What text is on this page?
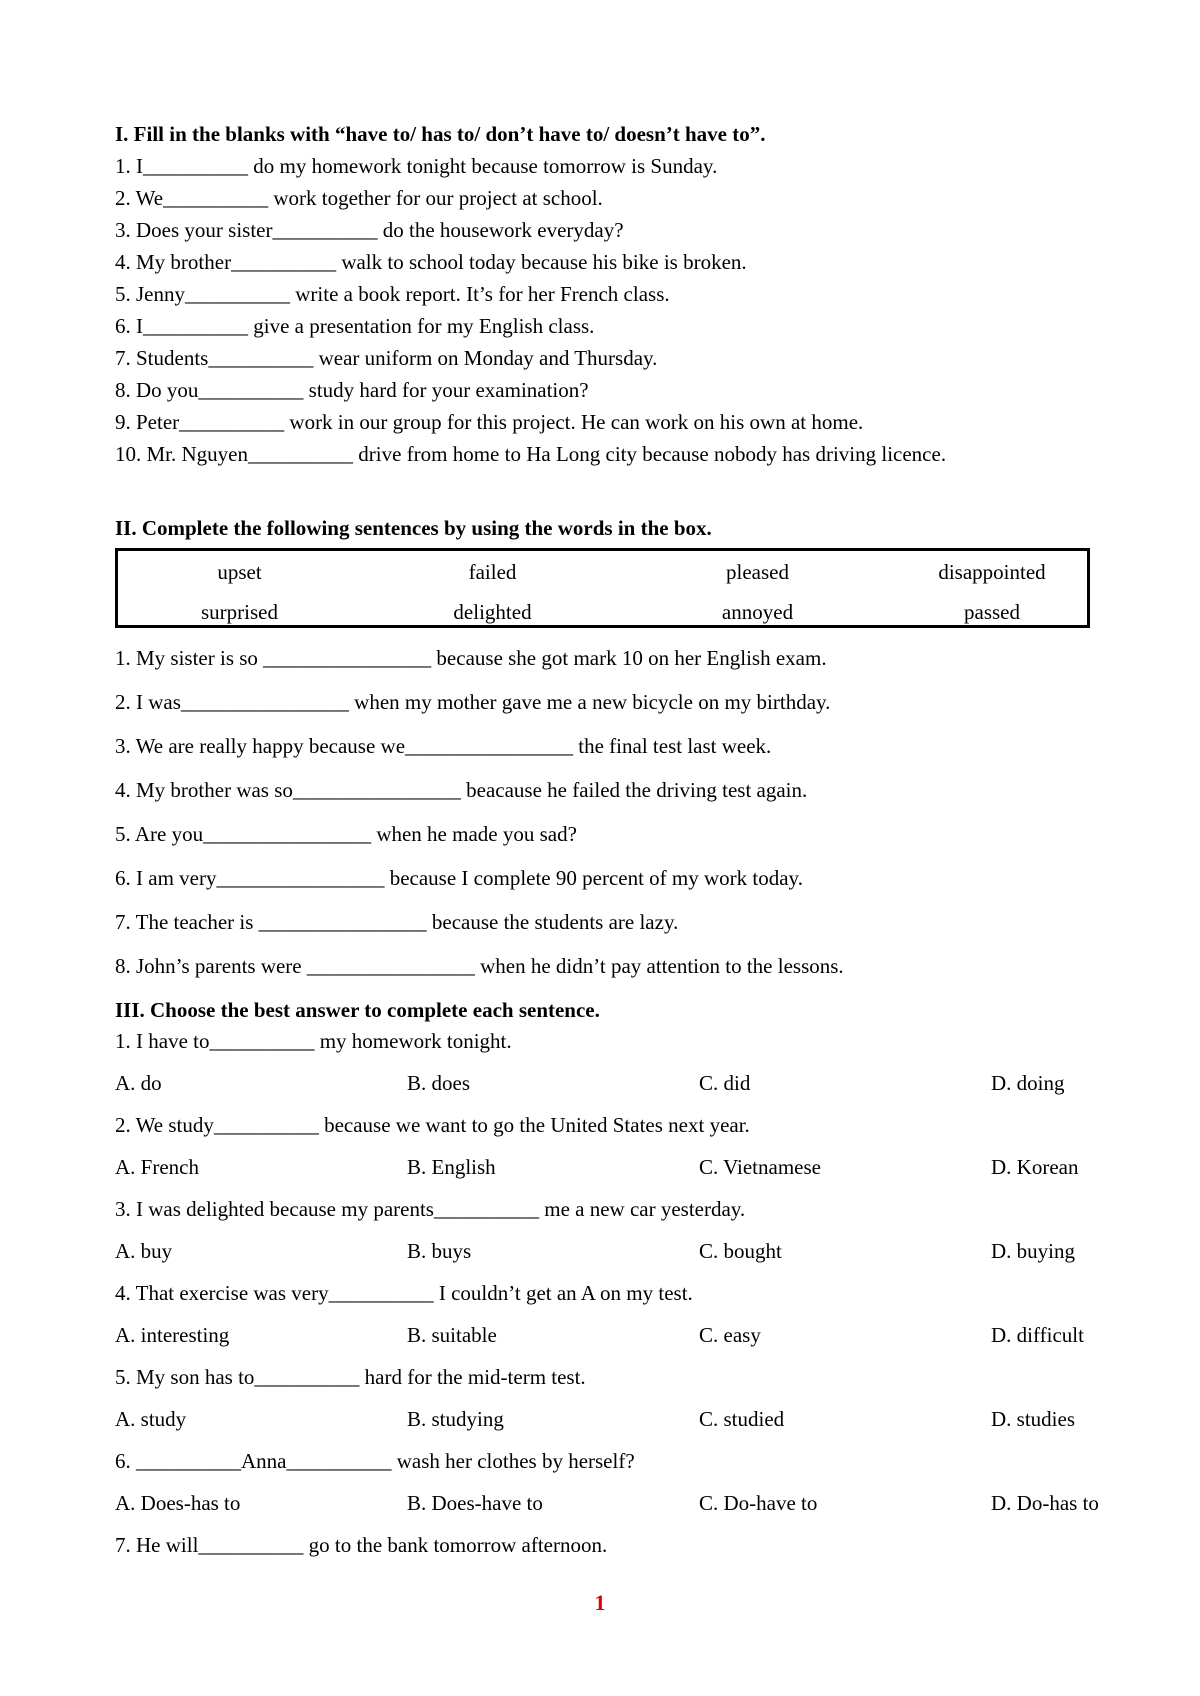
I. Fill in the blanks with “have to/ has to/ don’t have to/ doesn’t have to”.

1. I__________ do my homework tonight because tomorrow is Sunday.
2. We__________ work together for our project at school.
3. Does your sister__________ do the housework everyday?
4. My brother__________ walk to school today because his bike is broken.
5. Jenny__________ write a book report. It’s for her French class.
6. I__________ give a presentation for my English class.
7. Students__________ wear uniform on Monday and Thursday.
8. Do you__________ study hard for your examination?
9. Peter__________ work in our group for this project. He can work on his own at home.
10. Mr. Nguyen__________ drive from home to Ha Long city because nobody has driving licence.

II. Complete the following sentences by using the words in the box.

upset	failed	pleased	disappointed
surprised	delighted	annoyed	passed
1. My sister is so ________________ because she got mark 10 on her English exam.
2. I was________________ when my mother gave me a new bicycle on my birthday.
3. We are really happy because we________________ the final test last week.
4. My brother was so________________ beacause he failed the driving test again.
5. Are you________________ when he made you sad?
6. I am very________________ because I complete 90 percent of my work today.
7. The teacher is ________________ because the students are lazy.
8. John’s parents were ________________ when he didn’t pay attention to the lessons.

III. Choose the best answer to complete each sentence.

1. I have to__________ my homework tonight.
A. do	B. does	C. did	D. doing
2. We study__________ because we want to go the United States next year.
A. French	B. English	C. Vietnamese	D. Korean
3. I was delighted because my parents__________ me a new car yesterday.
A. buy	B. buys	C. bought	D. buying
4. That exercise was very__________ I couldn’t get an A on my test.
A. interesting	B. suitable	C. easy	D. difficult
5. My son has to__________ hard for the mid-term test.
A. study	B. studying	C. studied	D. studies
6. __________Anna__________ wash her clothes by herself?
A. Does-has to	B. Does-have to	C. Do-have to	D. Do-has to
7. He will__________ go to the bank tomorrow afternoon.
1
